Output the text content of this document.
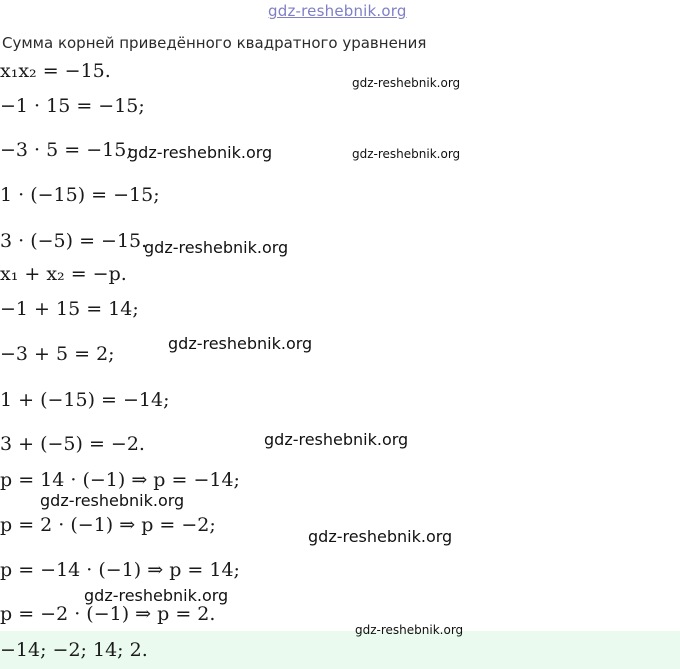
gdz-reshebnik.org
Сумма корней приведённого квадратного уравнения
x₁x₂ = −15.
−1 · 15 = −15;
−3 · 5 = −15;
1 · (−15) = −15;
3 · (−5) = −15.
x₁ + x₂ = −p.
−1 + 15 = 14;
−3 + 5 = 2;
1 + (−15) = −14;
3 + (−5) = −2.
p = 14 · (−1) ⇒ p = −14;
p = 2 · (−1) ⇒ p = −2;
p = −14 · (−1) ⇒ p = 14;
p = −2 · (−1) ⇒ p = 2.
−14; −2; 14; 2.
gdz-reshebnik.org
gdz-reshebnik.org	gdz-reshebnik.org
gdz-reshebnik.org
gdz-reshebnik.org
gdz-reshebnik.org
gdz-reshebnik.org
gdz-reshebnik.org
gdz-reshebnik.org
gdz-reshebnik.org
